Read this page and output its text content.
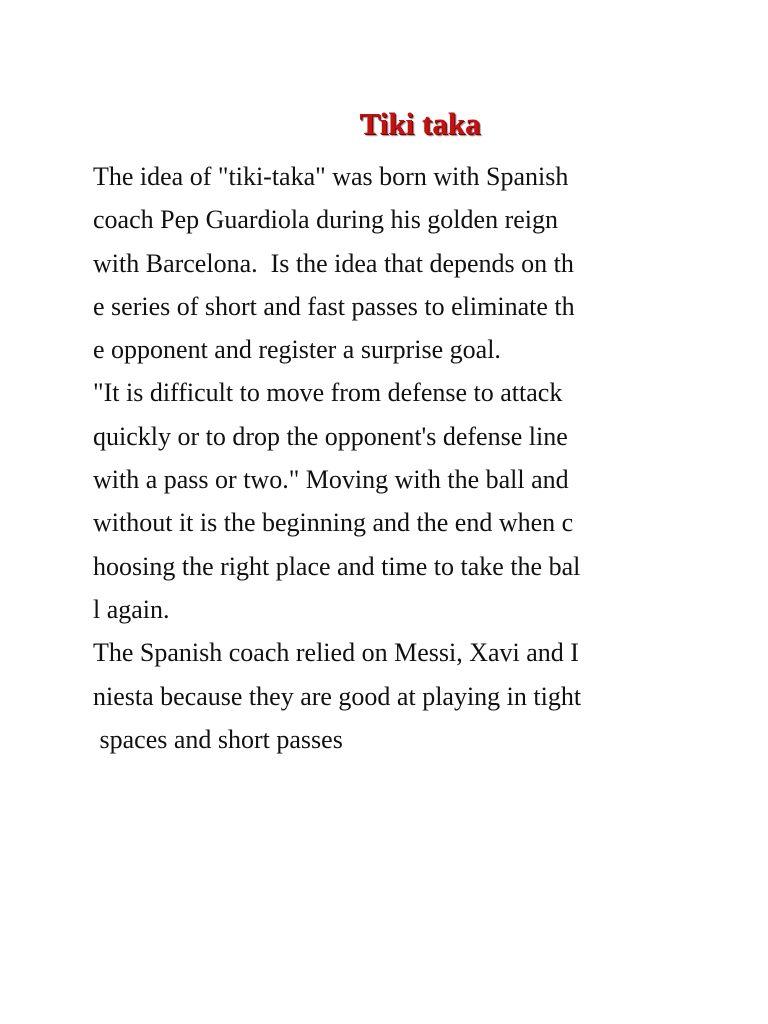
Tiki taka
The idea of "tiki-taka" was born with Spanish
coach Pep Guardiola during his golden reign
with Barcelona.  Is the idea that depends on th
e series of short and fast passes to eliminate th
e opponent and register a surprise goal.
"It is difficult to move from defense to attack
quickly or to drop the opponent's defense line
with a pass or two." Moving with the ball and
without it is the beginning and the end when c
hoosing the right place and time to take the bal
l again.
The Spanish coach relied on Messi, Xavi and I
niesta because they are good at playing in tight
spaces and short passes
